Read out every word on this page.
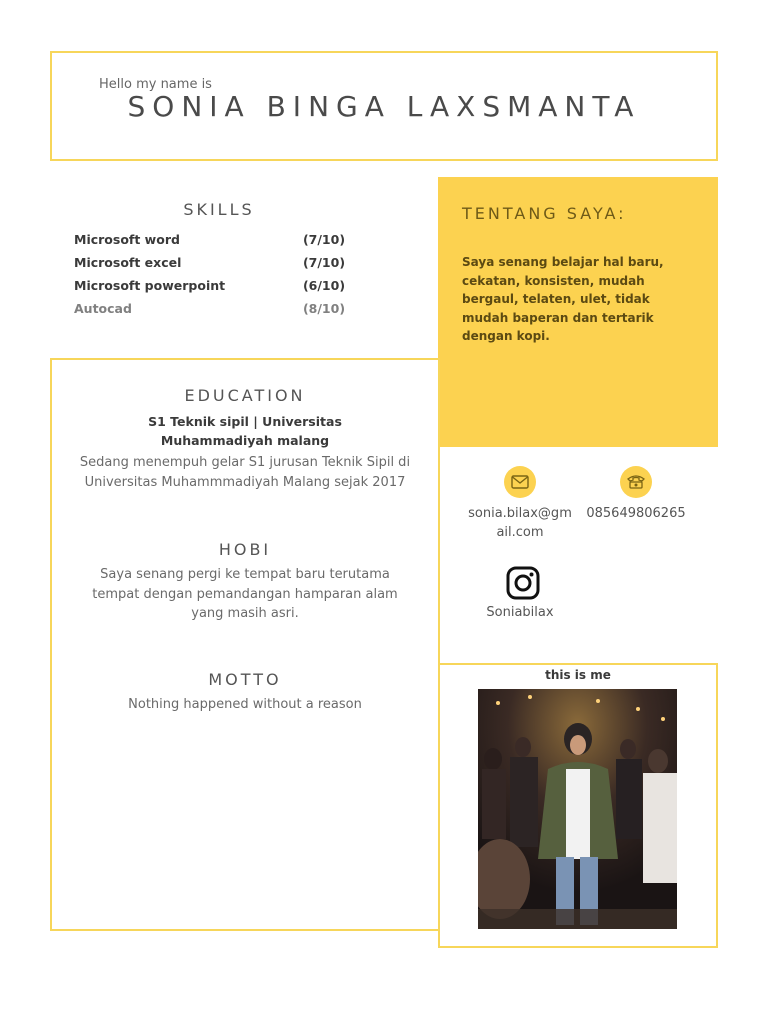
Hello my name is
SONIA BINGA LAXSMANTA
SKILLS
Microsoft word	(7/10)
Microsoft excel	(7/10)
Microsoft powerpoint	(6/10)
Autocad	(8/10)
TENTANG SAYA:
Saya senang belajar hal baru, cekatan, konsisten, mudah bergaul, telaten, ulet, tidak mudah baperan dan tertarik dengan kopi.
EDUCATION
S1 Teknik sipil | Universitas Muhammadiyah malang
Sedang menempuh gelar S1 jurusan Teknik Sipil di Universitas Muhammmadiyah Malang sejak 2017
HOBI
Saya senang pergi ke tempat baru terutama tempat dengan pemandangan hamparan alam yang masih asri.
MOTTO
Nothing happened without a reason
sonia.bilax@gm
ail.com
085649806265
Soniabilax
this is me
